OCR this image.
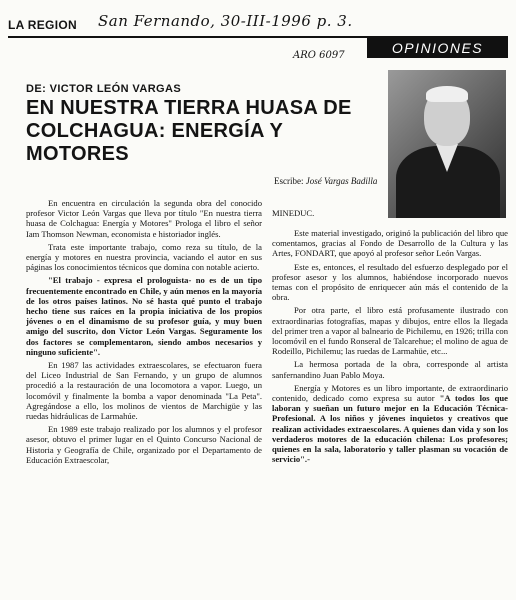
LA REGION San Fernando, 30-III-1996 p. 3.
OPINIONES
ARO 6097
DE: VICTOR LEÓN VARGAS
EN NUESTRA TIERRA HUASA DE COLCHAGUA: ENERGÍA Y MOTORES
Escribe: José Vargas Badilla

En encuentra en circulación la segunda obra del conocido profesor Victor León Vargas que lleva por título "En nuestra tierra huasa de Colchagua: Energía y Motores" Prologa el libro el señor Iam Thomson Newman, economista e historiador inglés.

Trata este importante trabajo, como reza su título, de la energía y motores en nuestra provincia, vaciando el autor en sus páginas los conocimientos técnicos que domina con notable acierto.

"El trabajo - expresa el prologuista- no es de un tipo frecuentemente encontrado en Chile, y aún menos en la mayoría de los otros países latinos. No sé hasta qué punto el trabajo hecho tiene sus raíces en la propia iniciativa de los propios jóvenes o en el dinamismo de su profesor guía, y muy buen amigo del suscrito, don Víctor León Vargas. Seguramente los dos factores se complementaron, siendo ambos necesarios y ninguno suficiente".

En 1987 las actividades extraescolares, se efectuaron fuera del Liceo Industrial de San Fernando, y un grupo de alumnos procedió a la restauración de una locomotora a vapor. Luego, un locomóvil y finalmente la bomba a vapor denominada "La Peta". Agregándose a ello, los molinos de vientos de Marchigüe y las ruedas hidráulicas de Larmahúe.

En 1989 este trabajo realizado por los alumnos y el profesor asesor, obtuvo el primer lugar en el Quinto Concurso Nacional de Historia y Geografía de Chile, organizado por el Departamento de Educación Extraescolar,

MINEDUC.

Este material investigado, originó la publicación del libro que comentamos, gracias al Fondo de Desarrollo de la Cultura y las Artes, FONDART, que apoyó al profesor señor León Vargas.

Este es, entonces, el resultado del esfuerzo desplegado por el profesor asesor y los alumnos, habiéndose incorporado nuevos temas con el propósito de enriquecer aún más el contenido de la obra.

Por otra parte, el libro está profusamente ilustrado con extraordinarias fotografías, mapas y dibujos, entre ellos la llegada del primer tren a vapor al balneario de Pichilemu, en 1926; trilla con locomóvil en el fundo Ronseral de Talcarehue; el molino de agua de Rodeillo, Pichilemu; las ruedas de Larmahüe, etc...

La hermosa portada de la obra, corresponde al artista sanfernandino Juan Pablo Moya.

Energía y Motores es un libro importante, de extraordinario contenido, dedicado como expresa su autor "A todos los que laboran y sueñan un futuro mejor en la Educación Técnica-Profesional. A los niños y jóvenes inquietos y creativos que realizan actividades extraescolares. A quienes dan vida y son los verdaderos motores de la educación chilena: Los profesores; quienes en la sala, laboratorio y taller plasman su vocación de servicio".-
